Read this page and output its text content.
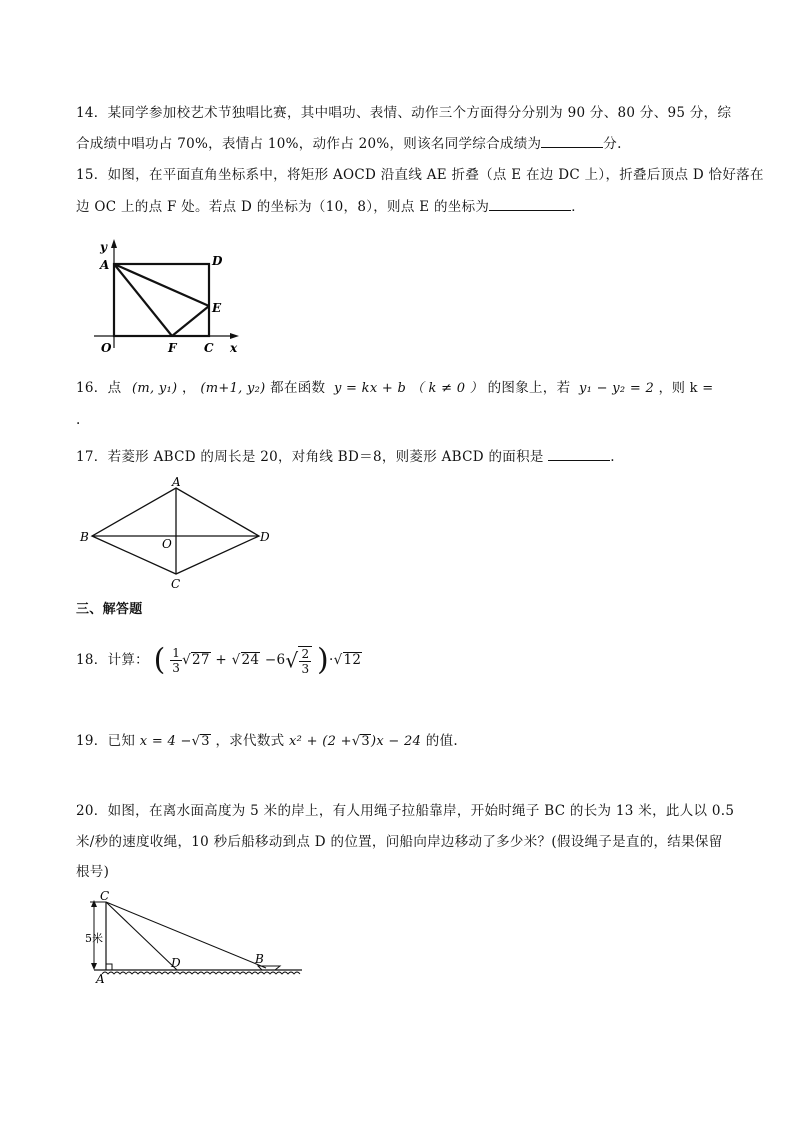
14．某同学参加校艺术节独唱比赛，其中唱功、表情、动作三个方面得分分别为 90 分、80 分、95 分，综
合成绩中唱功占 70%，表情占 10%，动作占 20%，则该名同学综合成绩为	分.
15．如图，在平面直角坐标系中，将矩形 AOCD 沿直线 AE 折叠（点 E 在边 DC 上），折叠后顶点 D 恰好落在
边 OC 上的点 F 处。若点 D 的坐标为（10，8），则点 E 的坐标为	．
y
A	D
E
O	F C x
16．点 (m, y₁) ， (m+1, y₂) 都在函数 y = kx + b （ k ≠ 0 ） 的图象上，若 y₁ − y₂ = 2 ，则 k =
.
17．若菱形 ABCD 的周长是 20，对角线 BD＝8，则菱形 ABCD 的面积是	.
A
B	D
O
C
三、解答题
18．计算： ( $\frac{1}{3} √27 + √24 -6√ \frac{2}{3} )\cdot√12$
19．已知 x = 4 −√3 ，求代数式 x² + (2 +√3)x − 24 的值.
20．如图，在离水面高度为 5 米的岸上，有人用绳子拉船靠岸，开始时绳子 BC 的长为 13 米，此人以 0.5
米/秒的速度收绳，10 秒后船移动到点 D 的位置，问船向岸边移动了多少米？(假设绳子是直的，结果保留
根号)
5米
C
A
D	B
